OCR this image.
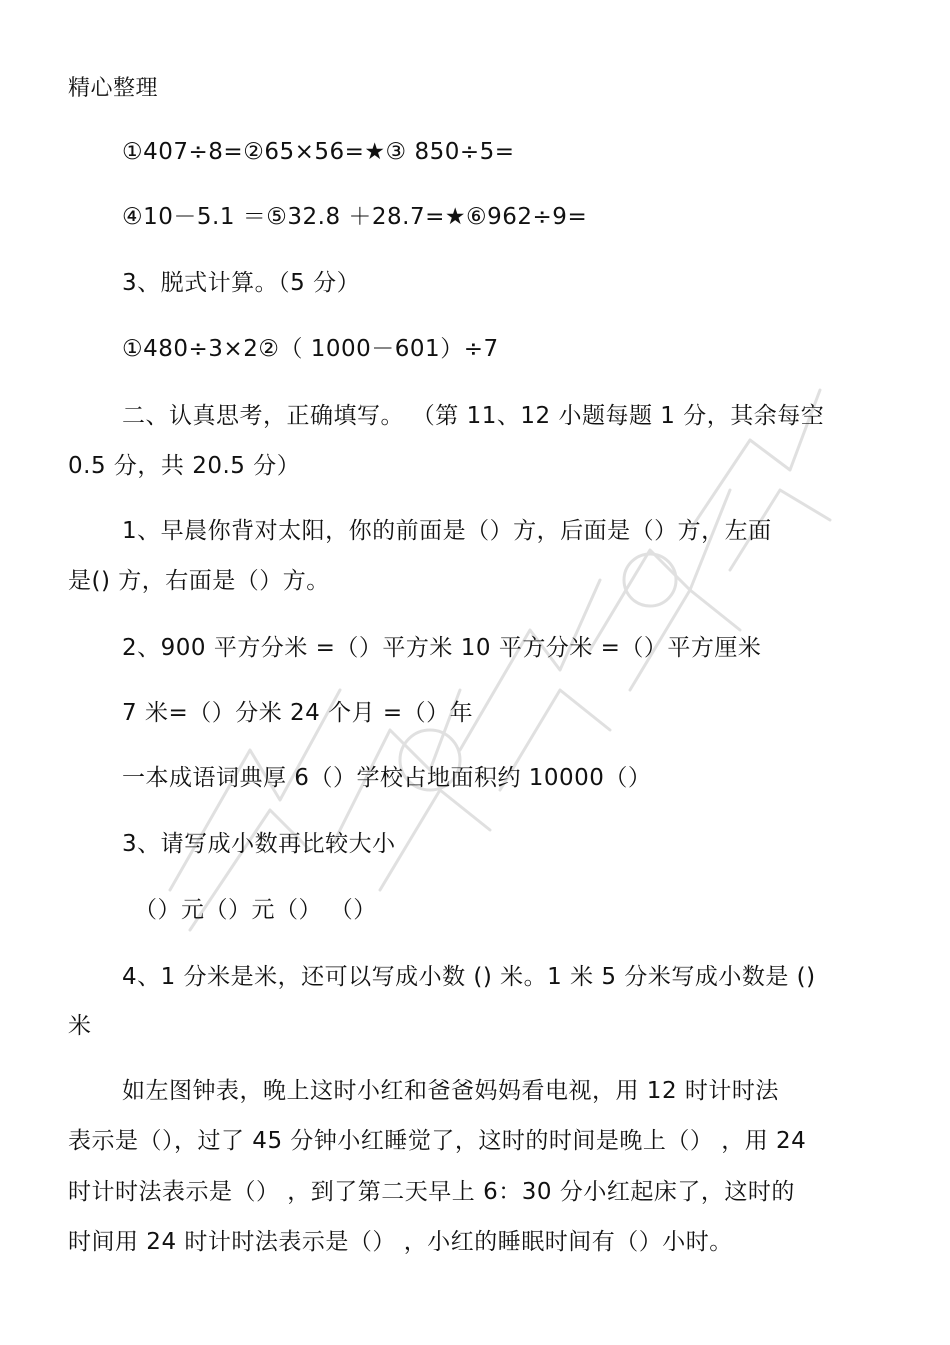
精心整理
①407÷8=②65×56=★③ 850÷5=
④10－5.1 ＝⑤32.8 ＋28.7=★⑥962÷9=
3、脱式计算。（5 分）
①480÷3×2②（ 1000－601）÷7
二、认真思考，正确填写。 （第 11、12 小题每题 1 分，其余每空
0.5 分，共 20.5 分）
1、早晨你背对太阳，你的前面是（）方，后面是（）方，左面
是() 方，右面是（）方。
2、900 平方分米 =（）平方米 10 平方分米 =（）平方厘米
7 米=（）分米 24 个月 =（）年
一本成语词典厚 6（）学校占地面积约 10000（）
3、请写成小数再比较大小
（）元（）元（） （）
4、1 分米是米，还可以写成小数 () 米。1 米 5 分米写成小数是 ()
米
如左图钟表，晚上这时小红和爸爸妈妈看电视，用 12 时计时法
表示是（），过了 45 分钟小红睡觉了，这时的时间是晚上（） ，用 24
时计时法表示是（） ，到了第二天早上 6：30 分小红起床了，这时的
时间用 24 时计时法表示是（） ，小红的睡眠时间有（）小时。
